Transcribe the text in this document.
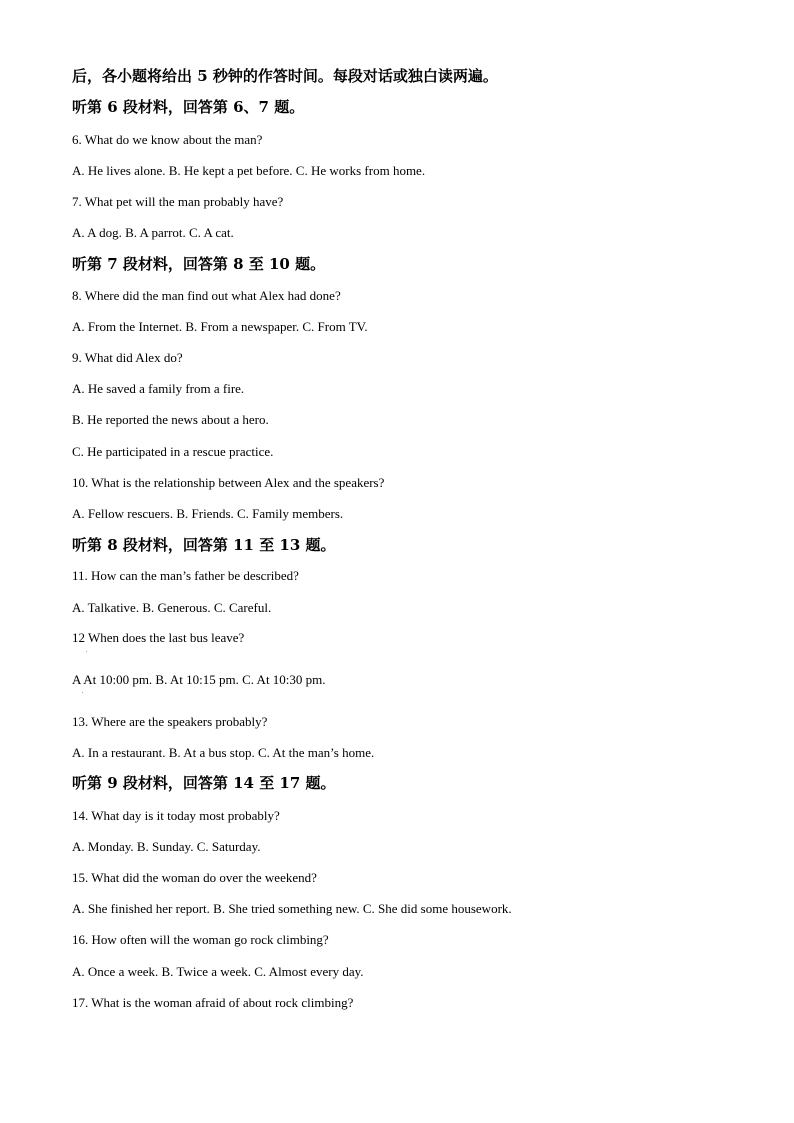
后，各小题将给出 5 秒钟的作答时间。每段对话或独白读两遍。
听第 6 段材料，回答第 6、7 题。
6. What do we know about the man?
A. He lives alone. B. He kept a pet before. C. He works from home.
7. What pet will the man probably have?
A. A dog. B. A parrot. C. A cat.
听第 7 段材料，回答第 8 至 10 题。
8. Where did the man find out what Alex had done?
A. From the Internet. B. From a newspaper. C. From TV.
9. What did Alex do?
A. He saved a family from a fire.
B. He reported the news about a hero.
C. He participated in a rescue practice.
10. What is the relationship between Alex and the speakers?
A. Fellow rescuers. B. Friends. C. Family members.
听第 8 段材料，回答第 11 至 13 题。
11. How can the man’s father be described?
A. Talkative. B. Generous. C. Careful.
12 When does the last bus leave?
.
A At 10:00 pm. B. At 10:15 pm. C. At 10:30 pm.
.
13. Where are the speakers probably?
A. In a restaurant. B. At a bus stop. C. At the man’s home.
听第 9 段材料，回答第 14 至 17 题。
14. What day is it today most probably?
A. Monday. B. Sunday. C. Saturday.
15. What did the woman do over the weekend?
A. She finished her report. B. She tried something new. C. She did some housework.
16. How often will the woman go rock climbing?
A. Once a week. B. Twice a week. C. Almost every day.
17. What is the woman afraid of about rock climbing?
